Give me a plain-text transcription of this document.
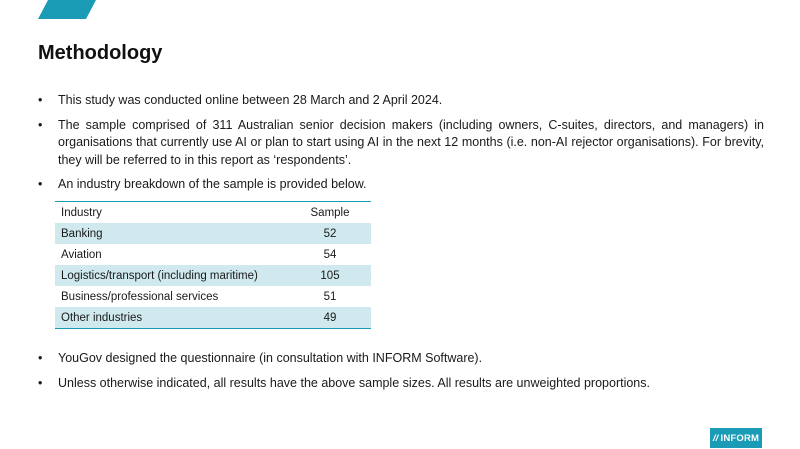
Methodology
• This study was conducted online between 28 March and 2 April 2024.
• The sample comprised of 311 Australian senior decision makers (including owners, C-suites, directors, and managers) in organisations that currently use AI or plan to start using AI in the next 12 months (i.e. non-AI rejector organisations). For brevity, they will be referred to in this report as ‘respondents’.
• An industry breakdown of the sample is provided below.
Industry	Sample
Banking	52
Aviation	54
Logistics/transport (including maritime)	105
Business/professional services	51
Other industries	49
• YouGov designed the questionnaire (in consultation with INFORM Software).
• Unless otherwise indicated, all results have the above sample sizes. All results are unweighted proportions.
// INFORM
